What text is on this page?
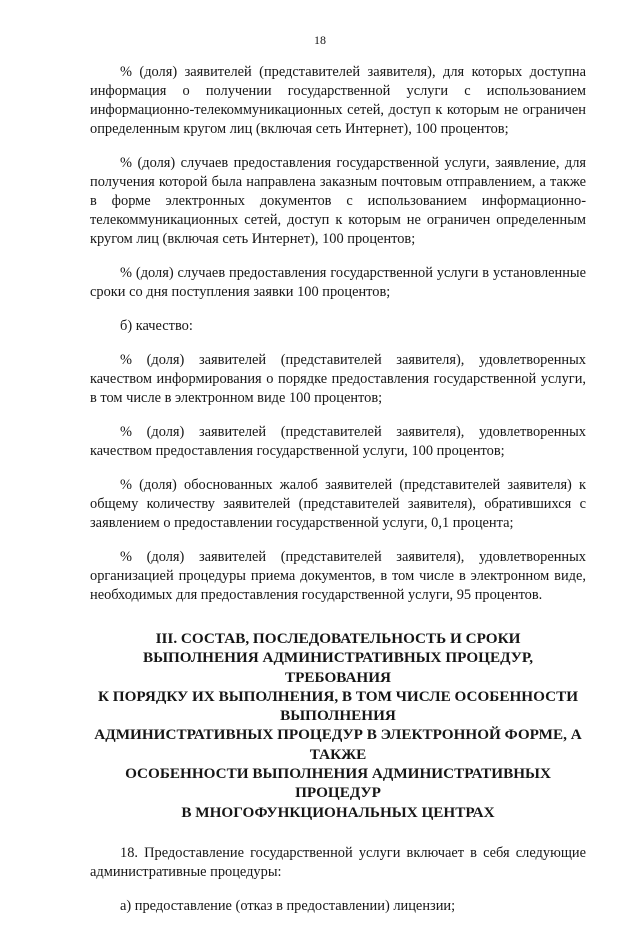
18

% (доля) заявителей (представителей заявителя), для которых доступна информация о получении государственной услуги с использованием информационно-телекоммуникационных сетей, доступ к которым не ограничен определенным кругом лиц (включая сеть Интернет), 100 процентов;

% (доля) случаев предоставления государственной услуги, заявление, для получения которой была направлена заказным почтовым отправлением, а также в форме электронных документов с использованием информационно-телекоммуникационных сетей, доступ к которым не ограничен определенным кругом лиц (включая сеть Интернет), 100 процентов;

% (доля) случаев предоставления государственной услуги в установленные сроки со дня поступления заявки 100 процентов;

б) качество:

% (доля) заявителей (представителей заявителя), удовлетворенных качеством информирования о порядке предоставления государственной услуги, в том числе в электронном виде 100 процентов;

% (доля) заявителей (представителей заявителя), удовлетворенных качеством предоставления государственной услуги, 100 процентов;

% (доля) обоснованных жалоб заявителей (представителей заявителя) к общему количеству заявителей (представителей заявителя), обратившихся с заявлением о предоставлении государственной услуги, 0,1 процента;

% (доля) заявителей (представителей заявителя), удовлетворенных организацией процедуры приема документов, в том числе в электронном виде, необходимых для предоставления государственной услуги, 95 процентов.

III. СОСТАВ, ПОСЛЕДОВАТЕЛЬНОСТЬ И СРОКИ
ВЫПОЛНЕНИЯ АДМИНИСТРАТИВНЫХ ПРОЦЕДУР, ТРЕБОВАНИЯ
К ПОРЯДКУ ИХ ВЫПОЛНЕНИЯ, В ТОМ ЧИСЛЕ ОСОБЕННОСТИ
ВЫПОЛНЕНИЯ
АДМИНИСТРАТИВНЫХ ПРОЦЕДУР В ЭЛЕКТРОННОЙ ФОРМЕ, А
ТАКЖЕ
ОСОБЕННОСТИ ВЫПОЛНЕНИЯ АДМИНИСТРАТИВНЫХ
ПРОЦЕДУР
В МНОГОФУНКЦИОНАЛЬНЫХ ЦЕНТРАХ

18. Предоставление государственной услуги включает в себя следующие административные процедуры:

а) предоставление (отказ в предоставлении) лицензии;
